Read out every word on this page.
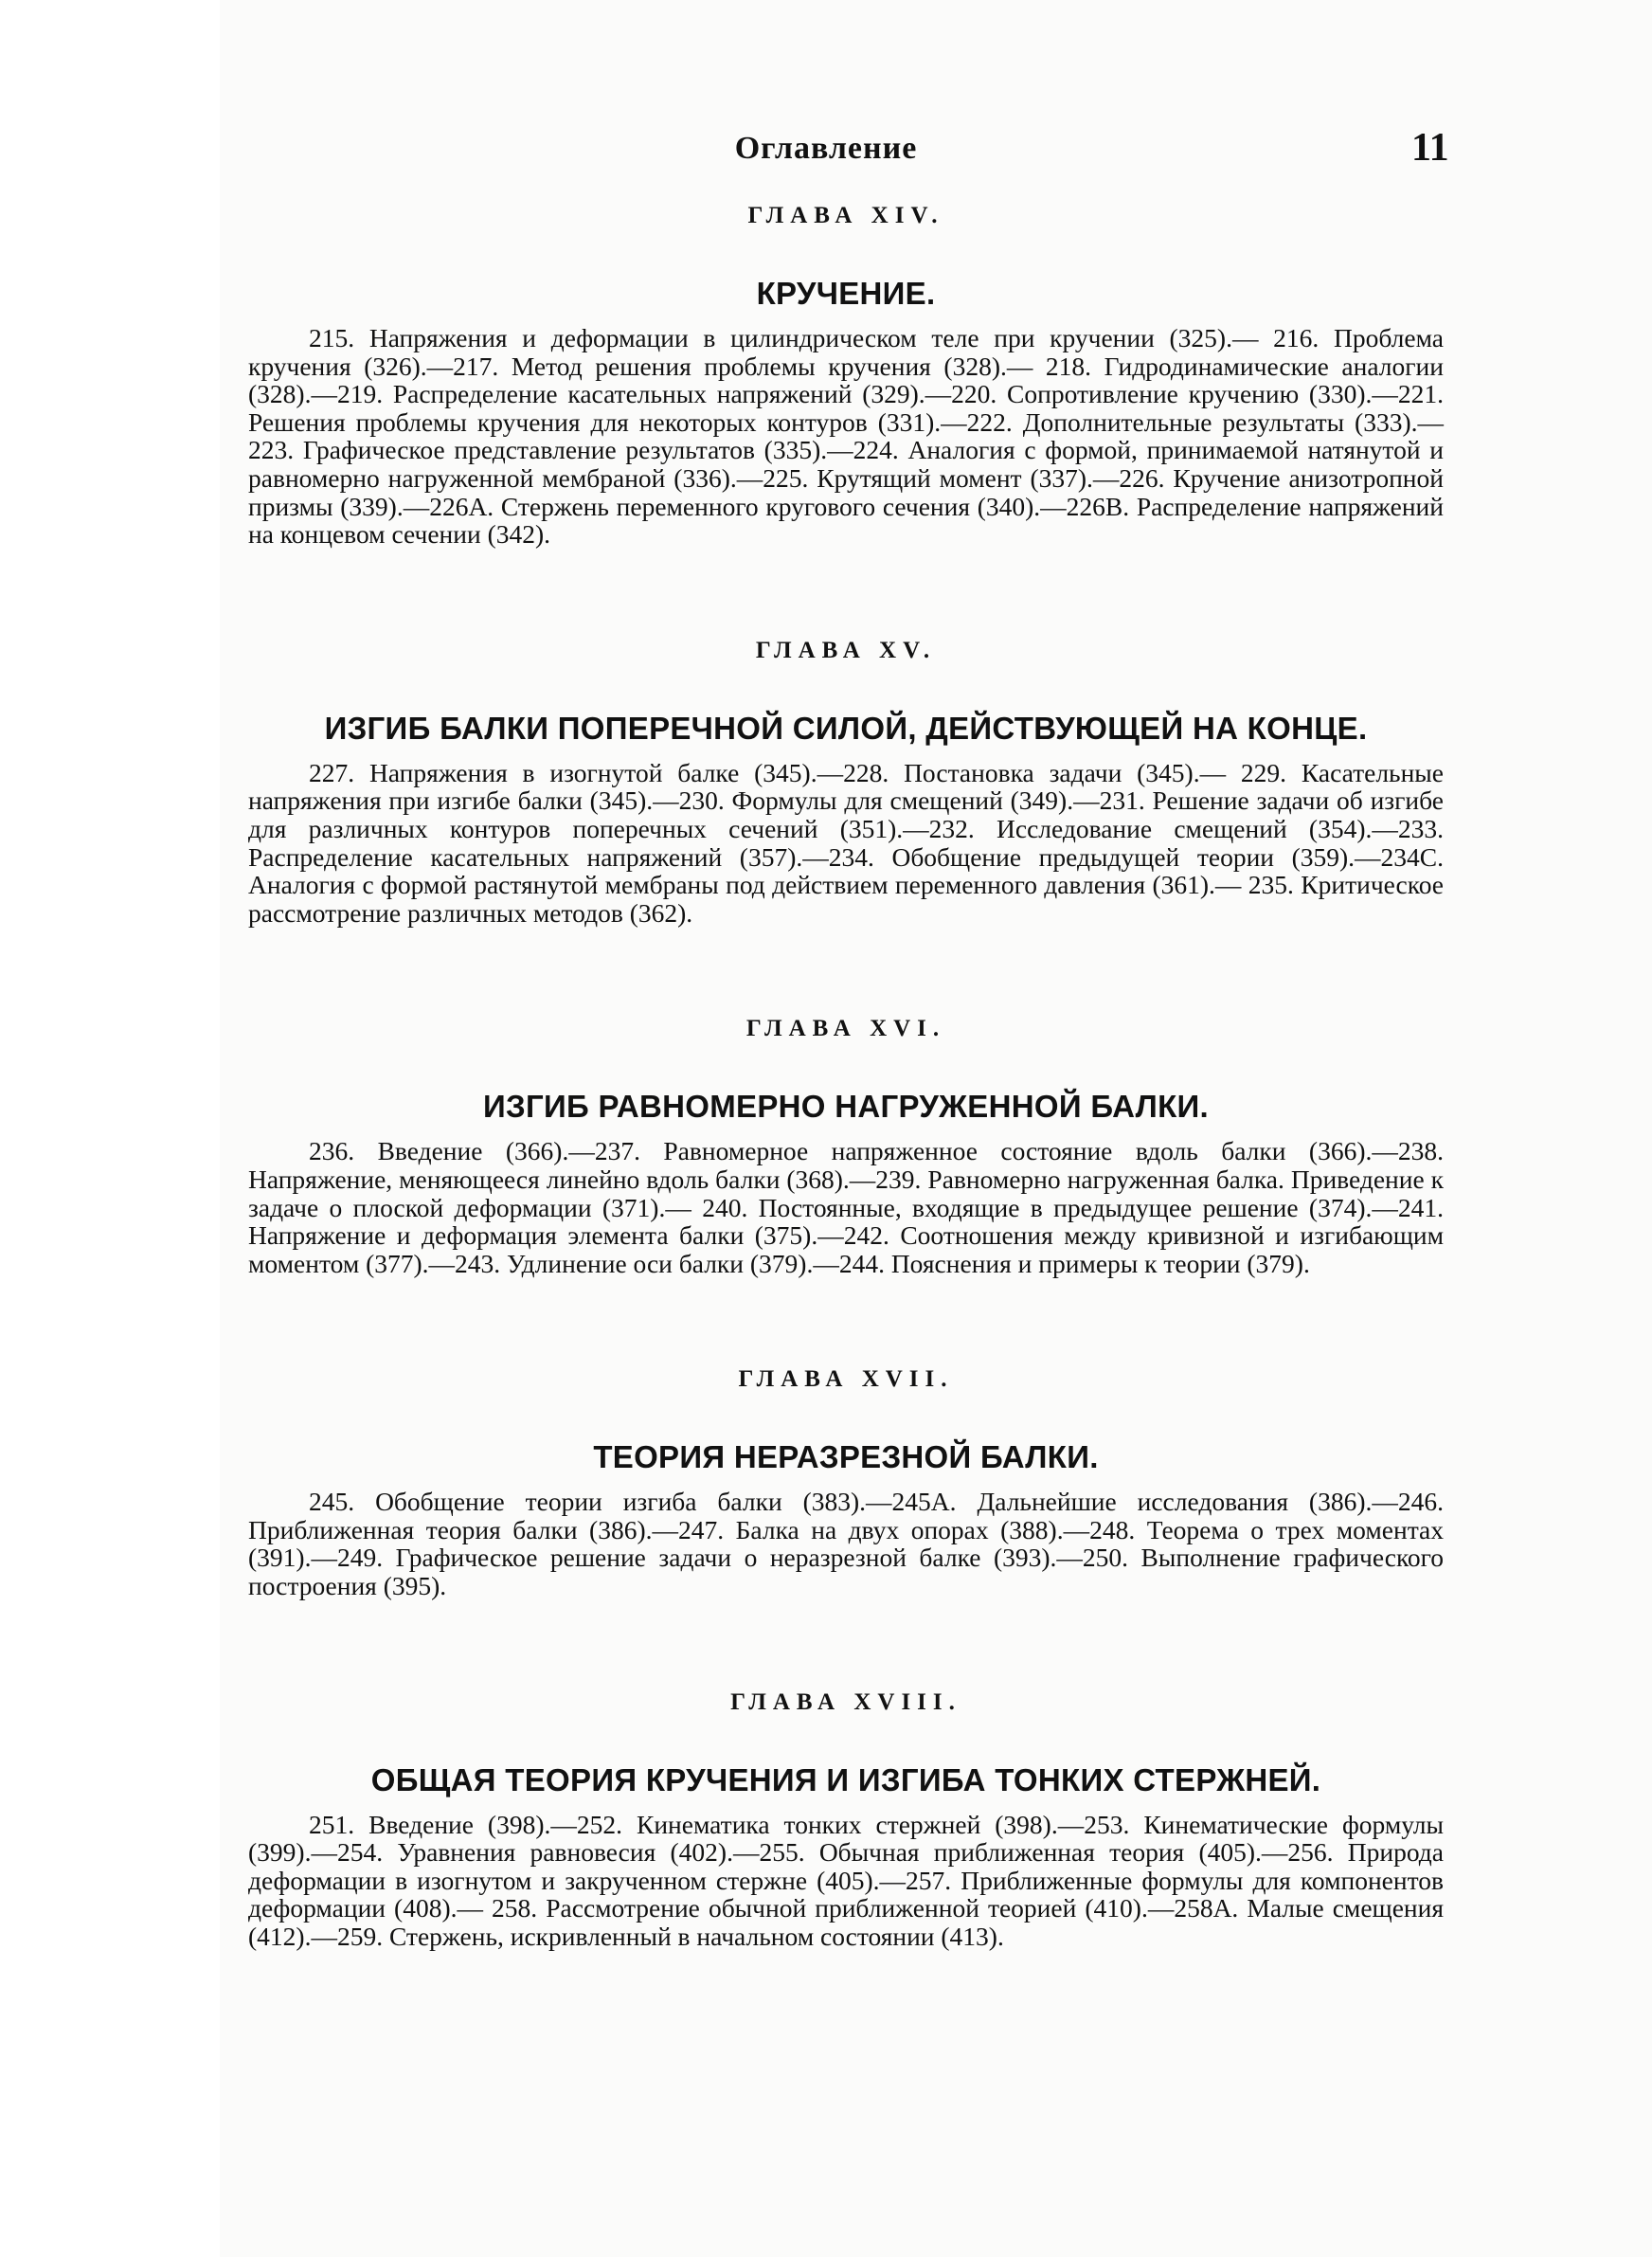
Оглавление	11
ГЛАВА XIV.
КРУЧЕНИЕ.

215. Напряжения и деформации в цилиндрическом теле при кручении (325).— 216. Проблема кручения (326).—217. Метод решения проблемы кручения (328).— 218. Гидродинамические аналогии (328).—219. Распределение касательных напряжений (329).—220. Сопротивление кручению (330).—221. Решения проблемы кручения для некоторых контуров (331).—222. Дополнительные результаты (333).— 223. Графическое представление результатов (335).—224. Аналогия с формой, принимаемой натянутой и равномерно нагруженной мембраной (336).—225. Крутящий момент (337).—226. Кручение анизотропной призмы (339).—226А. Стержень переменного кругового сечения (340).—226В. Распределение напряжений на концевом сечении (342).

ГЛАВА XV.
ИЗГИБ БАЛКИ ПОПЕРЕЧНОЙ СИЛОЙ, ДЕЙСТВУЮЩЕЙ НА КОНЦЕ.

227. Напряжения в изогнутой балке (345).—228. Постановка задачи (345).— 229. Касательные напряжения при изгибе балки (345).—230. Формулы для смещений (349).—231. Решение задачи об изгибе для различных контуров поперечных сечений (351).—232. Исследование смещений (354).—233. Распределение касательных напряжений (357).—234. Обобщение предыдущей теории (359).—234С. Аналогия с формой растянутой мембраны под действием переменного давления (361).— 235. Критическое рассмотрение различных методов (362).

ГЛАВА XVI.
ИЗГИБ РАВНОМЕРНО НАГРУЖЕННОЙ БАЛКИ.

236. Введение (366).—237. Равномерное напряженное состояние вдоль балки (366).—238. Напряжение, меняющееся линейно вдоль балки (368).—239. Равномерно нагруженная балка. Приведение к задаче о плоской деформации (371).— 240. Постоянные, входящие в предыдущее решение (374).—241. Напряжение и деформация элемента балки (375).—242. Соотношения между кривизной и изгибающим моментом (377).—243. Удлинение оси балки (379).—244. Пояснения и примеры к теории (379).

ГЛАВА XVII.
ТЕОРИЯ НЕРАЗРЕЗНОЙ БАЛКИ.

245. Обобщение теории изгиба балки (383).—245А. Дальнейшие исследования (386).—246. Приближенная теория балки (386).—247. Балка на двух опорах (388).—248. Теорема о трех моментах (391).—249. Графическое решение задачи о неразрезной балке (393).—250. Выполнение графического построения (395).

ГЛАВА XVIII.
ОБЩАЯ ТЕОРИЯ КРУЧЕНИЯ И ИЗГИБА ТОНКИХ СТЕРЖНЕЙ.

251. Введение (398).—252. Кинематика тонких стержней (398).—253. Кинематические формулы (399).—254. Уравнения равновесия (402).—255. Обычная приближенная теория (405).—256. Природа деформации в изогнутом и закрученном стержне (405).—257. Приближенные формулы для компонентов деформации (408).— 258. Рассмотрение обычной приближенной теорией (410).—258А. Малые смещения (412).—259. Стержень, искривленный в начальном состоянии (413).
